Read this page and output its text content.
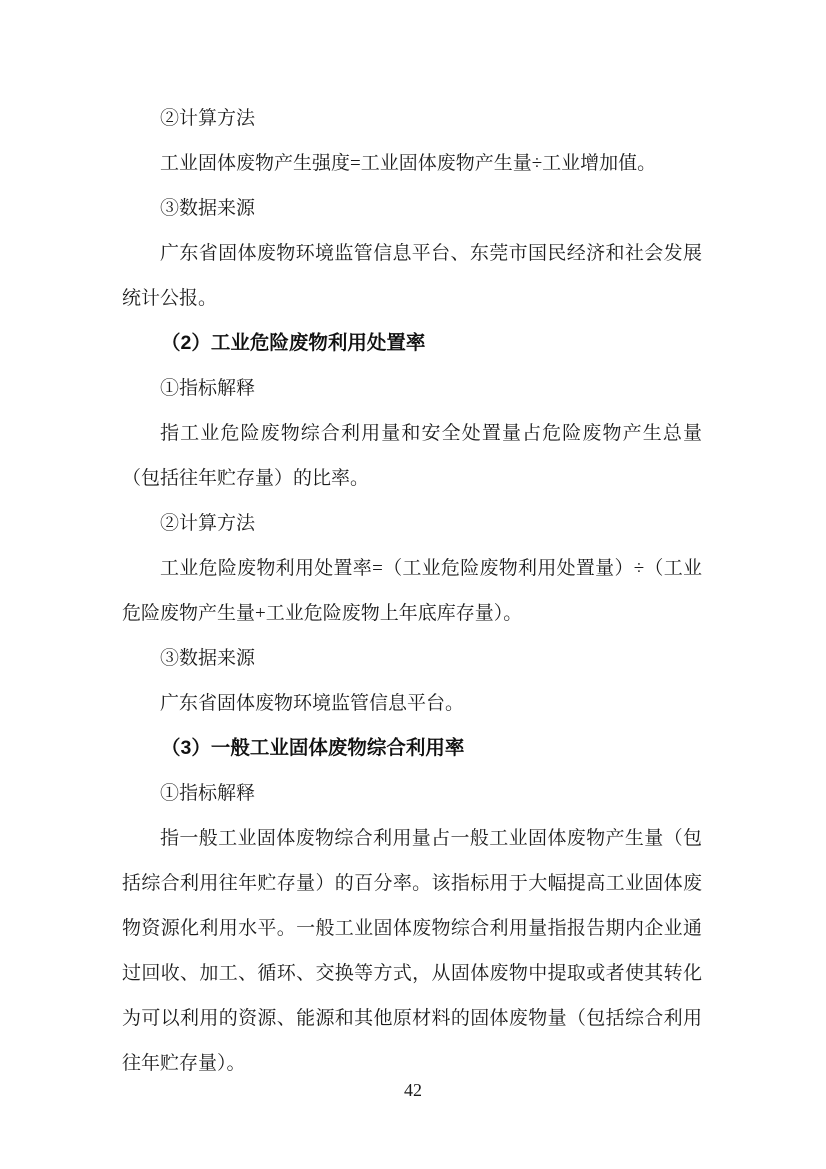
②计算方法

工业固体废物产生强度=工业固体废物产生量÷工业增加值。

③数据来源

广东省固体废物环境监管信息平台、东莞市国民经济和社会发展统计公报。

（2）工业危险废物利用处置率

①指标解释

指工业危险废物综合利用量和安全处置量占危险废物产生总量（包括往年贮存量）的比率。

②计算方法

工业危险废物利用处置率=（工业危险废物利用处置量）÷（工业危险废物产生量+工业危险废物上年底库存量）。

③数据来源

广东省固体废物环境监管信息平台。

（3）一般工业固体废物综合利用率

①指标解释

指一般工业固体废物综合利用量占一般工业固体废物产生量（包括综合利用往年贮存量）的百分率。该指标用于大幅提高工业固体废物资源化利用水平。一般工业固体废物综合利用量指报告期内企业通过回收、加工、循环、交换等方式，从固体废物中提取或者使其转化为可以利用的资源、能源和其他原材料的固体废物量（包括综合利用往年贮存量）。

42
